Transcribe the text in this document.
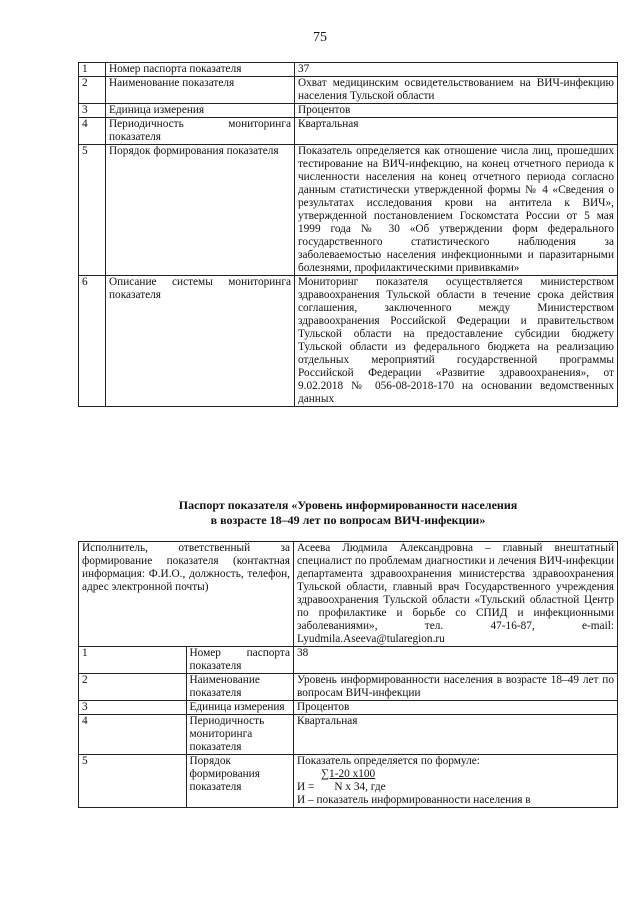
75
1	Номер паспорта показателя	37
2	Наименование показателя	Охват медицинским освидетельствованием на ВИЧ-инфекцию населения Тульской области
3	Единица измерения	Процентов
4	Периодичность мониторинга показателя	Квартальная
5	Порядок формирования показателя	Показатель определяется как отношение числа лиц, прошедших тестирование на ВИЧ-инфекцию, на конец отчетного периода к численности населения на конец отчетного периода согласно данным статистически утвержденной формы № 4 «Сведения о результатах исследования крови на антитела к ВИЧ», утвержденной постановлением Госкомстата России от 5 мая 1999 года № 30 «Об утверждении форм федерального государственного статистического наблюдения за заболеваемостью населения инфекционными и паразитарными болезнями, профилактическими прививками»
6	Описание системы мониторинга показателя	Мониторинг показателя осуществляется министерством здравоохранения Тульской области в течение срока действия соглашения, заключенного между Министерством здравоохранения Российской Федерации и правительством Тульской области на предоставление субсидии бюджету Тульской области из федерального бюджета на реализацию отдельных мероприятий государственной программы Российской Федерации «Развитие здравоохранения», от 9.02.2018 № 056-08-2018-170 на основании ведомственных данных
Паспорт показателя «Уровень информированности населения
в возрасте 18–49 лет по вопросам ВИЧ-инфекции»
Исполнитель, ответственный за формирование показателя (контактная информация: Ф.И.О., должность, телефон, адрес электронной почты)		Асеева Людмила Александровна – главный внештатный специалист по проблемам диагностики и лечения ВИЧ-инфекции департамента здравоохранения министерства здравоохранения Тульской области, главный врач Государственного учреждения здравоохранения Тульской области «Тульский областной Центр по профилактике и борьбе со СПИД и инфекционными заболеваниями», тел. 47-16-87, e-mail: Lyudmila.Aseeva@tularegion.ru
1	Номер паспорта показателя	38
2	Наименование показателя	Уровень информированности населения в возрасте 18–49 лет по вопросам ВИЧ-инфекции
3	Единица измерения	Процентов
4	Периодичность мониторинга показателя	Квартальная
5	Порядок формирования показателя	Показатель определяется по формуле:
∑1-20 x100
И = N x 34, где
И – показатель информированности населения в
